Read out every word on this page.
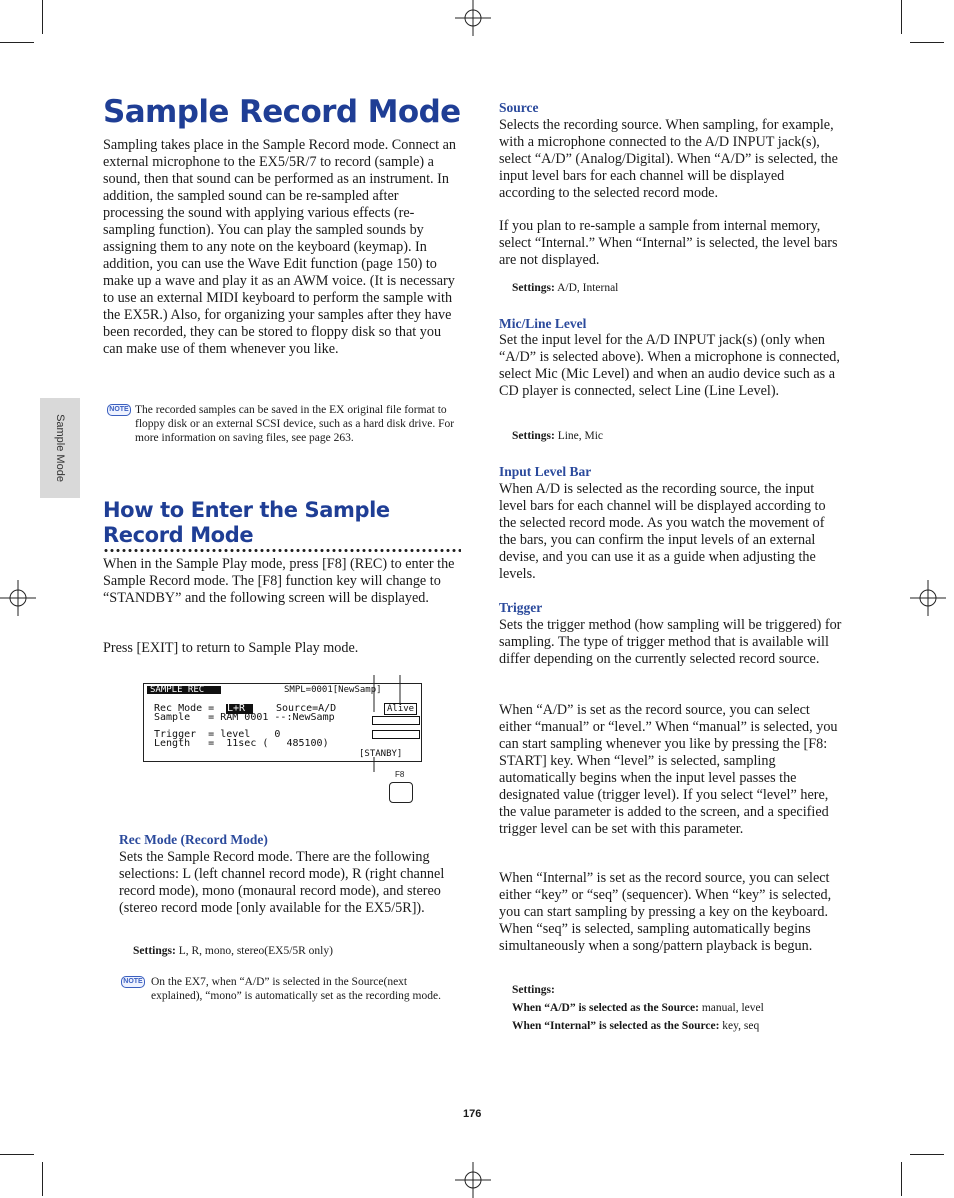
Sample Mode
Sample Record Mode

Sampling takes place in the Sample Record mode. Connect an external microphone to the EX5/5R/7 to record (sample) a sound, then that sound can be performed as an instrument. In addition, the sampled sound can be re-sampled after processing the sound with applying various effects (re-sampling function). You can play the sampled sounds by assigning them to any note on the keyboard (keymap). In addition, you can use the Wave Edit function (page 150) to make up a wave and play it as an AWM voice. (It is necessary to use an external MIDI keyboard to perform the sample with the EX5R.) Also, for organizing your samples after they have been recorded, they can be stored to floppy disk so that you can make use of them whenever you like.

NOTE The recorded samples can be saved in the EX original file format to floppy disk or an external SCSI device, such as a hard disk drive. For more information on saving files, see page 263.

How to Enter the Sample Record Mode

When in the Sample Play mode, press [F8] (REC) to enter the Sample Record mode. The [F8] function key will change to “STANDBY” and the following screen will be displayed.

Press [EXIT] to return to Sample Play mode.

SAMPLE REC	SMPL=0001[NewSamp]
Rec Mode = L+R	Source=A/D	Alive
Sample   = RAM 0001 --:NewSamp
Trigger  = level    0
Length   =  11sec (   485100)
[STANBY]
F8
Rec Mode (Record Mode)

Sets the Sample Record mode. There are the following selections: L (left channel record mode), R (right channel record mode), mono (monaural record mode), and stereo (stereo record mode [only available for the EX5/5R]).

Settings: L, R, mono, stereo(EX5/5R only)

NOTE On the EX7, when “A/D” is selected in the Source(next explained), “mono” is automatically set as the recording mode.

Source

Selects the recording source. When sampling, for example, with a microphone connected to the A/D INPUT jack(s), select “A/D” (Analog/Digital). When “A/D” is selected, the input level bars for each channel will be displayed according to the selected record mode.

If you plan to re-sample a sample from internal memory, select “Internal.” When “Internal” is selected, the level bars are not displayed.

Settings: A/D, Internal

Mic/Line Level

Set the input level for the A/D INPUT jack(s) (only when “A/D” is selected above). When a microphone is connected, select Mic (Mic Level) and when an audio device such as a CD player is connected, select Line (Line Level).

Settings: Line, Mic

Input Level Bar

When A/D is selected as the recording source, the input level bars for each channel will be displayed according to the selected record mode. As you watch the movement of the bars, you can confirm the input levels of an external devise, and you can use it as a guide when adjusting the levels.

Trigger

Sets the trigger method (how sampling will be triggered) for sampling. The type of trigger method that is available will differ depending on the currently selected record source.

When “A/D” is set as the record source, you can select either “manual” or “level.” When “manual” is selected, you can start sampling whenever you like by pressing the [F8: START] key. When “level” is selected, sampling automatically begins when the input level passes the designated value (trigger level). If you select “level” here, the value parameter is added to the screen, and a specified trigger level can be set with this parameter.

When “Internal” is set as the record source, you can select either “key” or “seq” (sequencer). When “key” is selected, you can start sampling by pressing a key on the keyboard. When “seq” is selected, sampling automatically begins simultaneously when a song/pattern playback is begun.

Settings:

When “A/D” is selected as the Source: manual, level

When “Internal” is selected as the Source: key, seq

176
